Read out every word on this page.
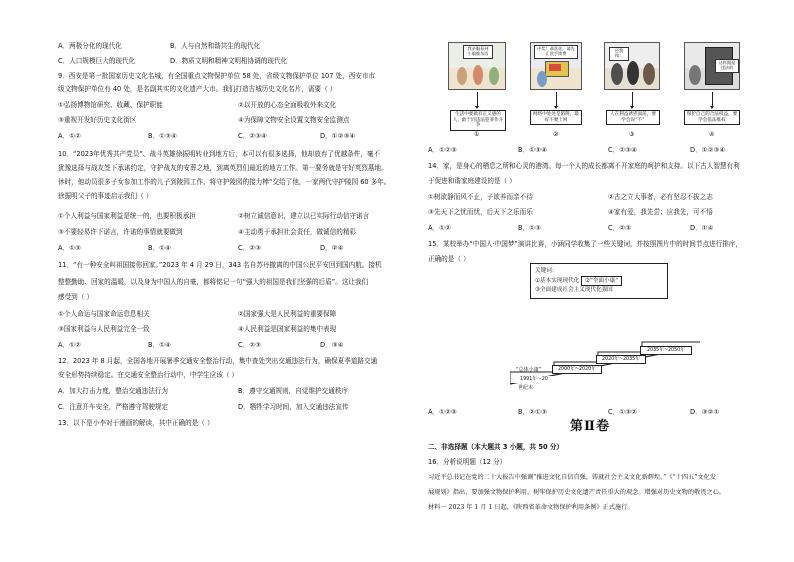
A．两极分化的现代化	B．人与自然和谐共生的现代化
C．人口规模巨大的现代化	D．物质文明和精神文明相协调的现代化
9．西安是第一批国家历史文化名城，有全国重点文物保护单位 58 处，省级文物保护单位 107 处，西安市市
级文物保护单位有 40 处，是名副其实的文化遗产大市。我们打造古城历史文化名片，需要（ ）
①弘扬博物馆研究、收藏、保护职能	②以开放的心态全面吸收外来文化
③重视开发好历史文化街区	④为保障文物安全设置文物安全监测点
A．①②	B．①③④	C．②③④	D．①②③④
10．“2023年优秀共产党员”、战斗英雄徐振明转业到地方后，本可以有很多选择，他却放弃了优越条件，毫不
犹豫选择与战友签下承诺约定，守护战友的安葬之地，到离英烈们最近的地方工作。第一要务就是守好英烈墓地。
休时，他动员很多子女参加工作的儿子到陵园工作，将守护陵园的接力棒“交给了他，一家两代守护陵园 60 多年。
徐振明父子的事迹启示我们（ ）
①个人利益与国家利益是统一的，也要积极承担	②树立诚信意识，建立以已实际行动信守诺言
③不要轻易许下诺言，许诺的事情就要做到	④主动勇于承担社会责任，做诚信的精彩
A．①③	B．①④	C．②③	D．②④
11．“有一种安全叫祖国接你回家。”2023 年 4 月 29 日，343 名自苏丹撤离的中国公民平安回到国内航。接机
整整勤助、回家的温暖，以及身为中国人的自豪，都将铭记一句“强大的祖国是我们坚强的后盾”。这让我们
感受到（ ）
①个人命运与国家命运息息相关	②国家强大是人民利益的重要保障
③国家利益与人民利益完全一致	④人民利益是国家利益的集中表现
A．①②	B．①④	C．②③	D．③④
12．2023 年 8 月起，全国各地开展暑季交通安全整治行动，集中查处突出交通违法行为，确保夏季道路交通
安全形势持续稳定。在交通安全整治行动中，中学生应该（ ）
A．加大打击力度，整治交通违法行为	B．遵守交通规则，自觉维护交通秩序
C．注意开车安全，严格遵守驾驶规定	D．牺牲学习时间，加入交通违法宣传
13．以下是小李对于漫画的解读，其中正确的是（ ）
我亲眼看到小偷偷东西
中奖！恭喜你，请先汇款手续费
还我钱！
这样做是违法的
生活中要做有正义感的人，敢于同违法犯罪作斗争
网络中处处是陷阱，最好不要上网
人在利益诱惑面前，要学会说“不”
保护自己的合法权益，要学会依法维权
①	②	③	④
A．①②③	B．①③④	C．②③④	D．①②③④
14．家，是身心的栖息之所和心灵的港湾。每一个人的成长都离不开家庭的呵护和支持。以下古人智慧有利
于促进和谐家庭建设的是（ ）
①树欲静而风不止，子欲养而亲不待	②古之立大事者，必有坚忍不拔之志
③先天下之忧而忧，后天下之乐而乐	④家有爱，我先尝；应我先，可不悟
A．①②	B．①③	C．②③	D．①④
15．某校举办“中国人·中国梦”演讲比赛，小涵同学收集了一些关键词，并按照图片中的时间节点进行排序，
正确的是（ ）
关键词：
①基本实现现代化 ②“全面小康”
③全面建成社会主义现代化强国
2035年~2050年
2020年~2035年
2000年~2020年
“总体小康”
1991年～20
世纪末
A．①②③	B．②①③	C．①③②	D．③②①
第Ⅱ卷
二、非选择题（本大题共 3 小题，共 50 分）
16．分析说明题（12 分）
习近平总书记在党的二十大报告中强调“推进文化自信自强，铸就社会主义文化新辉煌。”《“十四五”文化发
展规划》指出，要加强文物保护利用，树牢保护历史文化遗产责任重大的观念。增强对历史文物的敬畏之心。
材料一 2023 年 1 月 1 日起，《陕西省革命文物保护利用条例》正式施行。
